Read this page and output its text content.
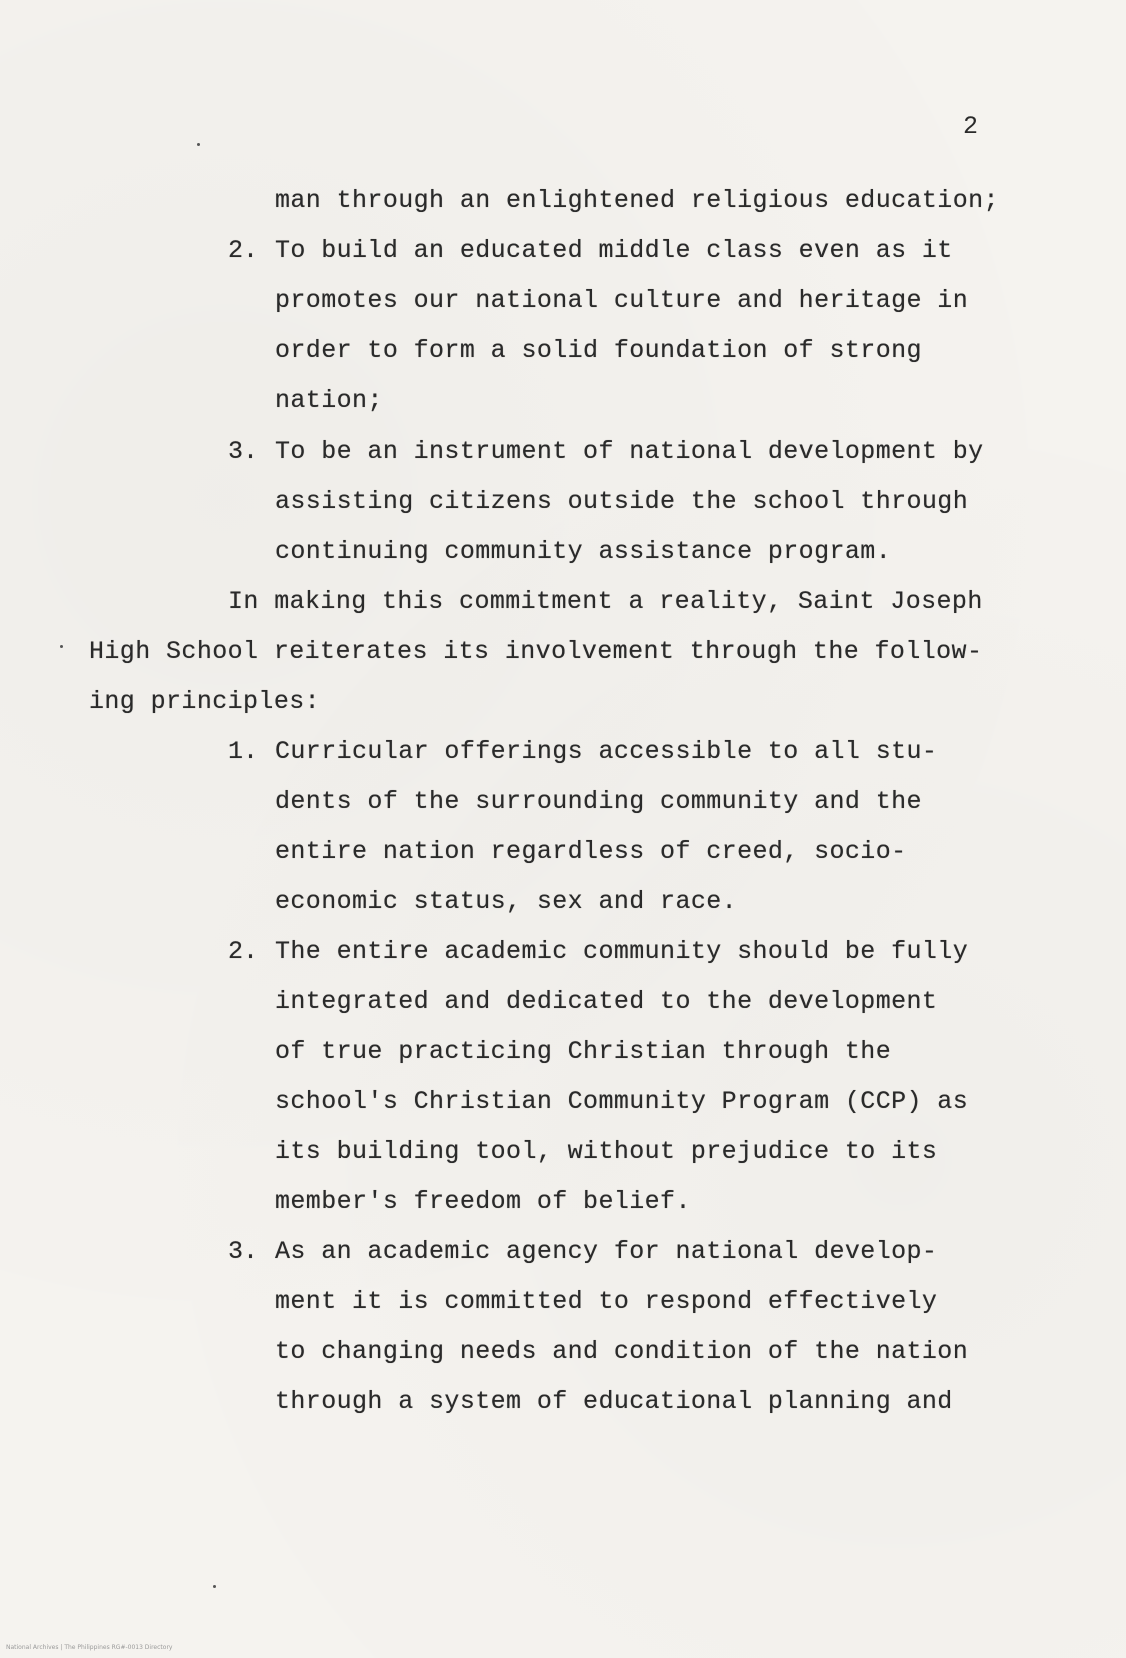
2
man through an enlightened religious education;
2. To build an educated middle class even as it
promotes our national culture and heritage in
order to form a solid foundation of strong
nation;
3. To be an instrument of national development by
assisting citizens outside the school through
continuing community assistance program.
In making this commitment a reality, Saint Joseph
High School reiterates its involvement through the follow-
ing principles:
1. Curricular offerings accessible to all stu-
dents of the surrounding community and the
entire nation regardless of creed, socio-
economic status, sex and race.
2. The entire academic community should be fully
integrated and dedicated to the development
of true practicing Christian through the
school's Christian Community Program (CCP) as
its building tool, without prejudice to its
member's freedom of belief.
3. As an academic agency for national develop-
ment it is committed to respond effectively
to changing needs and condition of the nation
through a system of educational planning and
National Archives | The Philippines RG#-0013 Directory
